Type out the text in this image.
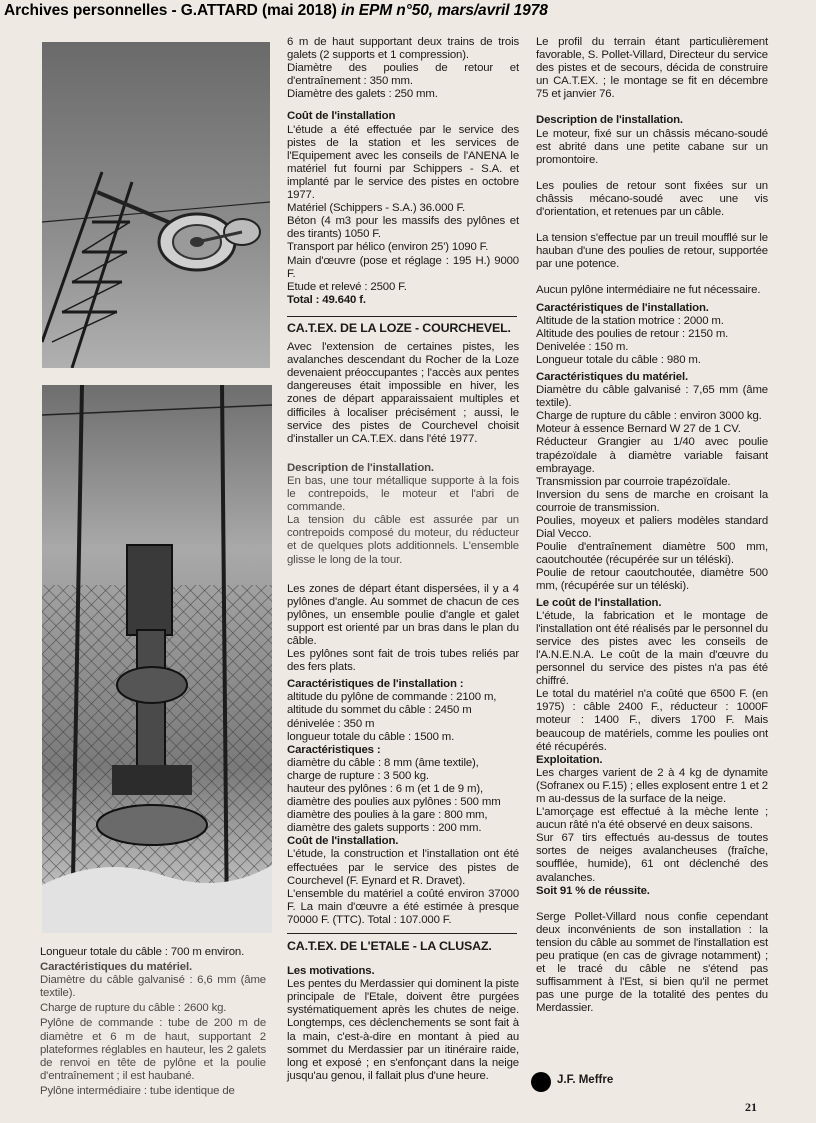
Archives personnelles - G.ATTARD (mai 2018) in EPM n°50, mars/avril 1978

Longueur totale du câble : 700 m environ.

Caractéristiques du matériel.

Diamètre du câble galvanisé : 6,6 mm (âme textile).

Charge de rupture du câble : 2600 kg.

Pylône de commande : tube de 200 m de diamètre et 6 m de haut, supportant 2 plateformes réglables en hauteur, les 2 galets de renvoi en tête de pylône et la poulie d'entraînement ; il est haubané.

Pylône intermédiaire : tube identique de

6 m de haut supportant deux trains de trois galets (2 supports et 1 compression).

Diamètre des poulies de retour et d'entraînement : 350 mm.

Diamètre des galets : 250 mm.

Coût de l'installation

L'étude a été effectuée par le service des pistes de la station et les services de l'Equipement avec les conseils de l'ANENA le matériel fut fourni par Schippers - S.A. et implanté par le service des pistes en octobre 1977.

Matériel (Schippers - S.A.) 36.000 F.

Béton (4 m3 pour les massifs des pylônes et des tirants) 1050 F.

Transport par hélico (environ 25') 1090 F.

Main d'œuvre (pose et réglage : 195 H.) 9000 F.

Etude et relevé : 2500 F.

Total : 49.640 f.

CA.T.EX. DE LA LOZE - COURCHEVEL.

Avec l'extension de certaines pistes, les avalanches descendant du Rocher de la Loze devenaient préoccupantes ; l'accès aux pentes dangereuses était impossible en hiver, les zones de départ apparaissaient multiples et difficiles à localiser précisément ; aussi, le service des pistes de Courchevel choisit d'installer un CA.T.EX. dans l'été 1977.

Description de l'installation.

En bas, une tour métallique supporte à la fois le contrepoids, le moteur et l'abri de commande.

La tension du câble est assurée par un contrepoids composé du moteur, du réducteur et de quelques plots additionnels. L'ensemble glisse le long de la tour.

Les zones de départ étant dispersées, il y a 4 pylônes d'angle. Au sommet de chacun de ces pylônes, un ensemble poulie d'angle et galet support est orienté par un bras dans le plan du câble.

Les pylônes sont fait de trois tubes reliés par des fers plats.

Caractéristiques de l'installation :

altitude du pylône de commande : 2100 m,
altitude du sommet du câble : 2450 m
dénivelée : 350 m
longueur totale du câble : 1500 m.

Caractéristiques :

diamètre du câble : 8 mm (âme textile),
charge de rupture : 3 500 kg.
hauteur des pylônes : 6 m (et 1 de 9 m),
diamètre des poulies aux pylônes : 500 mm
diamètre des poulies à la gare : 800 mm,
diamètre des galets supports : 200 mm.

Coût de l'installation.

L'étude, la construction et l'installation ont été effectuées par le service des pistes de Courchevel (F. Eynard et R. Dravet).

L'ensemble du matériel a coûté environ 37000 F. La main d'œuvre a été estimée à presque 70000 F. (TTC). Total : 107.000 F.

CA.T.EX. DE L'ETALE - LA CLUSAZ.

Les motivations.

Les pentes du Merdassier qui dominent la piste principale de l'Etale, doivent être purgées systématiquement après les chutes de neige. Longtemps, ces déclenchements se sont fait à la main, c'est-à-dire en montant à pied au sommet du Merdassier par un itinéraire raide, long et exposé ; en s'enfonçant dans la neige jusqu'au genou, il fallait plus d'une heure.

Le profil du terrain étant particulièrement favorable, S. Pollet-Villard, Directeur du service des pistes et de secours, décida de construire un CA.T.EX. ; le montage se fit en décembre 75 et janvier 76.

Description de l'installation.

Le moteur, fixé sur un châssis mécano-soudé est abrité dans une petite cabane sur un promontoire.

Les poulies de retour sont fixées sur un châssis mécano-soudé avec une vis d'orientation, et retenues par un câble.

La tension s'effectue par un treuil moufflé sur le hauban d'une des poulies de retour, supportée par une potence.

Aucun pylône intermédiaire ne fut nécessaire.

Caractéristiques de l'installation.

Altitude de la station motrice : 2000 m.
Altitude des poulies de retour : 2150 m.
Denivelée : 150 m.
Longueur totale du câble : 980 m.

Caractéristiques du matériel.

Diamètre du câble galvanisé : 7,65 mm (âme textile).

Charge de rupture du câble : environ 3000 kg.

Moteur à essence Bernard W 27 de 1 CV.

Réducteur Grangier au 1/40 avec poulie trapézoïdale à diamètre variable faisant embrayage.

Transmission par courroie trapézoïdale.

Inversion du sens de marche en croisant la courroie de transmission.

Poulies, moyeux et paliers modèles standard Dial Vecco.

Poulie d'entraînement diamètre 500 mm, caoutchoutée (récupérée sur un téléski).

Poulie de retour caoutchoutée, diamètre 500 mm, (récupérée sur un téléski).

Le coût de l'installation.

L'étude, la fabrication et le montage de l'installation ont été réalisés par le personnel du service des pistes avec les conseils de l'A.N.E.N.A. Le coût de la main d'œuvre du personnel du service des pistes n'a pas été chiffré.

Le total du matériel n'a coûté que 6500 F. (en 1975) : câble 2400 F., réducteur : 1000F moteur : 1400 F., divers 1700 F. Mais beaucoup de matériels, comme les poulies ont été récupérés.

Exploitation.

Les charges varient de 2 à 4 kg de dynamite (Sofranex ou F.15) ; elles explosent entre 1 et 2 m au-dessus de la surface de la neige.

L'amorçage est effectué à la mèche lente ; aucun râté n'a été observé en deux saisons.

Sur 67 tirs effectués au-dessus de toutes sortes de neiges avalancheuses (fraîche, soufflée, humide), 61 ont déclenché des avalanches.

Soit 91 % de réussite.

Serge Pollet-Villard nous confie cependant deux inconvénients de son installation : la tension du câble au sommet de l'installation est peu pratique (en cas de givrage notamment) ; et le tracé du câble ne s'étend pas suffisamment à l'Est, si bien qu'il ne permet pas une purge de la totalité des pentes du Merdassier.

J.F. Meffre
21
